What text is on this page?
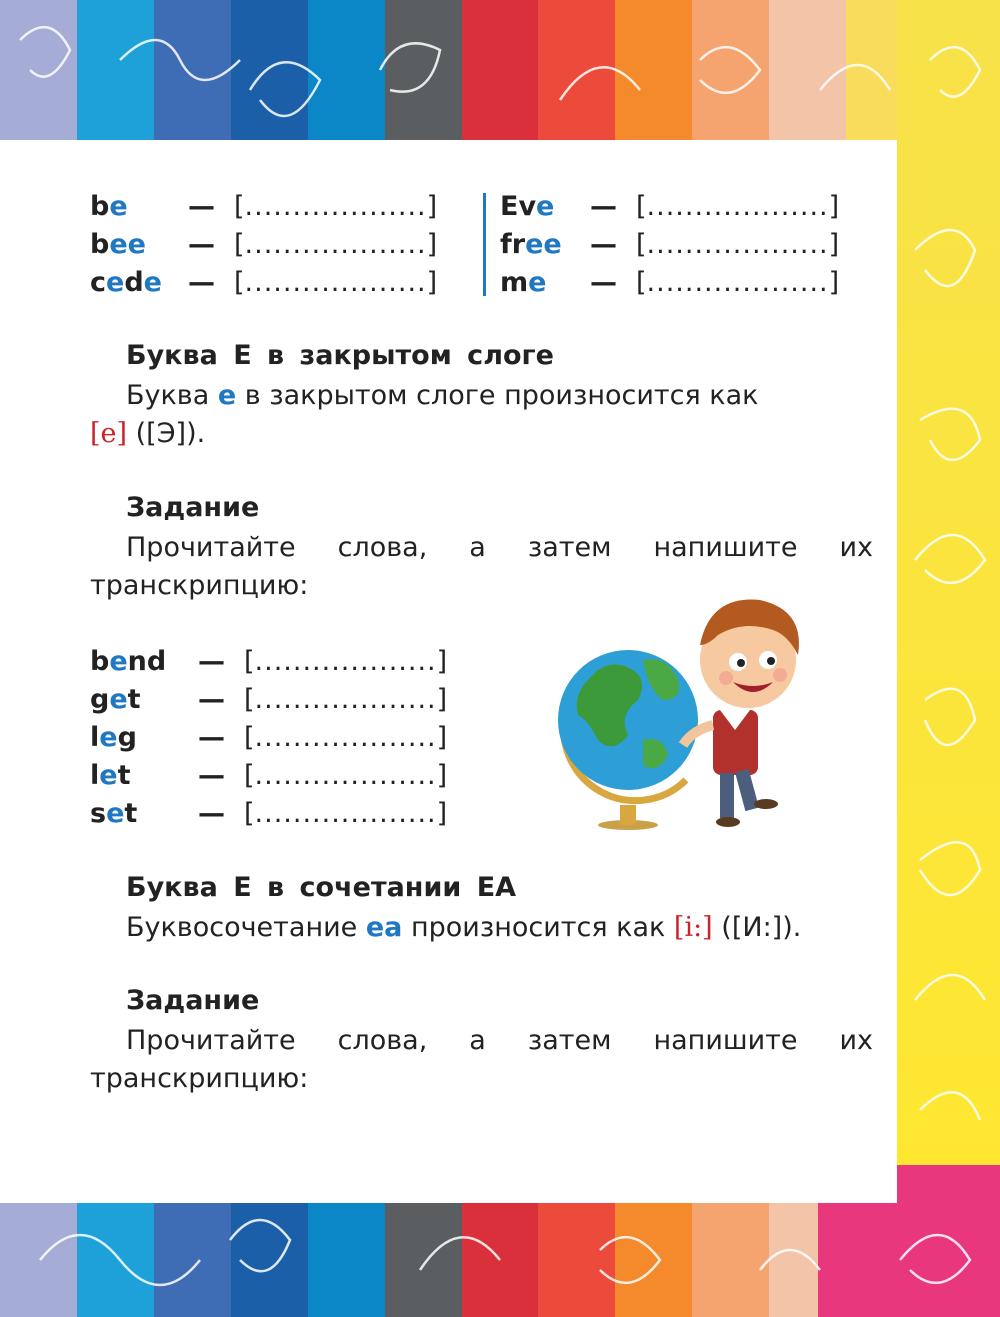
be	— [ ................... ]
bee	— [ ................... ]
cede — [ ................... ]
Eve	— [ ................... ]
free	— [ ................... ]
me	— [ ................... ]
Буква Е в закрытом слоге
Буква е в закрытом слоге произносится как
[e] ([Э]).
Задание
Прочитайте слова, а затем напишите их транскрипцию:
bend	— [ ................... ]
get	— [ ................... ]
leg	— [ ................... ]
let	— [ ................... ]
set	— [ ................... ]
Буква Е в сочетании ЕА
Буквосочетание ea произносится как [i:] ([И:]).
Задание
Прочитайте слова, а затем напишите их транскрипцию:
